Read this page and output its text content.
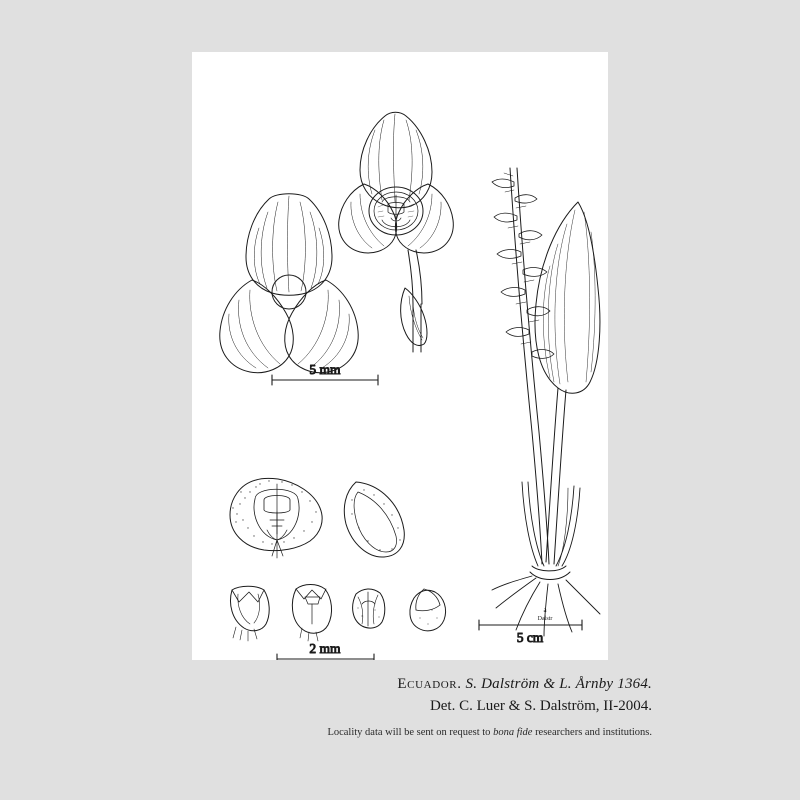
5 mm
2 mm
a
Dalstr
5 cm
Ecuador. S. Dalström & L. Årnby 1364.
Det. C. Luer & S. Dalström, II-2004.
Locality data will be sent on request to bona fide researchers and institutions.
